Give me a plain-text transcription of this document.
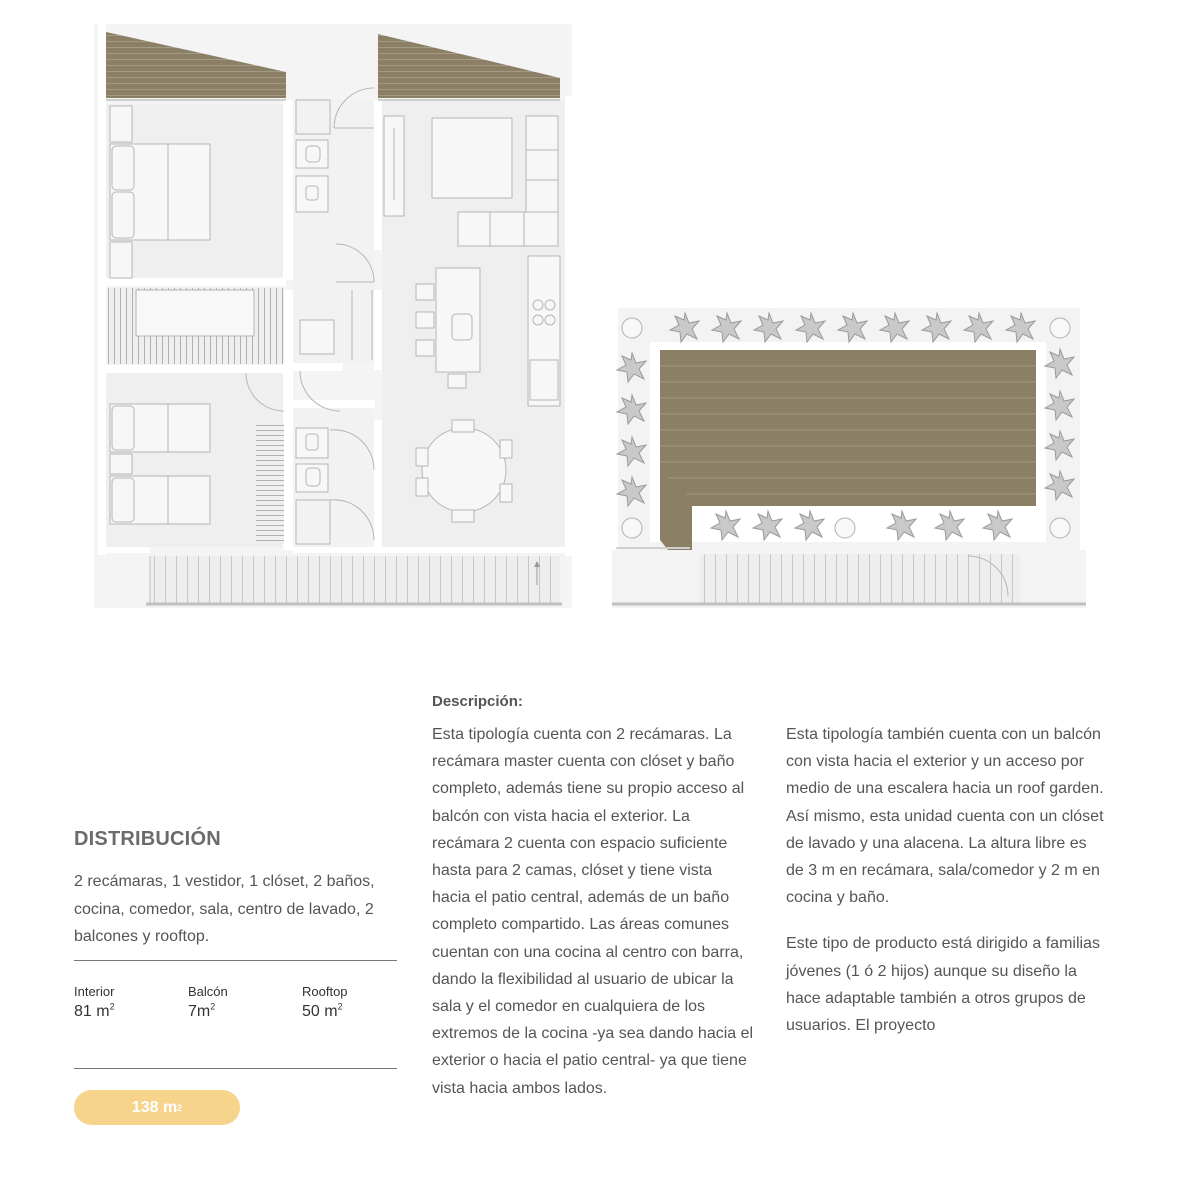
DISTRIBUCIÓN

2 recámaras, 1 vestidor, 1 clóset, 2 baños, cocina, comedor, sala, centro de lavado, 2 balcones y rooftop.

Interior
81 $m^2$
Balcón
$7m^2$
Rooftop
50 $m^2$
138 m 2
Descripción:

Esta tipología cuenta con 2 recámaras. La recámara master cuenta con clóset y baño completo, además tiene su propio acceso al balcón con vista hacia el exterior. La recámara 2 cuenta con espacio suficiente hasta para 2 camas, clóset y tiene vista hacia el patio central, además de un baño completo compartido. Las áreas comunes cuentan con una cocina al centro con barra, dando la flexibilidad al usuario de ubicar la sala y el comedor en cualquiera de los extremos de la cocina -ya sea dando hacia el exterior o hacia el patio central- ya que tiene vista hacia ambos lados.

Esta tipología también cuenta con un balcón con vista hacia el exterior y un acceso por medio de una escalera hacia un roof garden. Así mismo, esta unidad cuenta con un clóset de lavado y una alacena. La altura libre es de 3 m en recámara, sala/comedor y 2 m en cocina y baño.

Este tipo de producto está dirigido a familias jóvenes (1 ó 2 hijos) aunque su diseño la hace adaptable también a otros grupos de usuarios. El proyecto
